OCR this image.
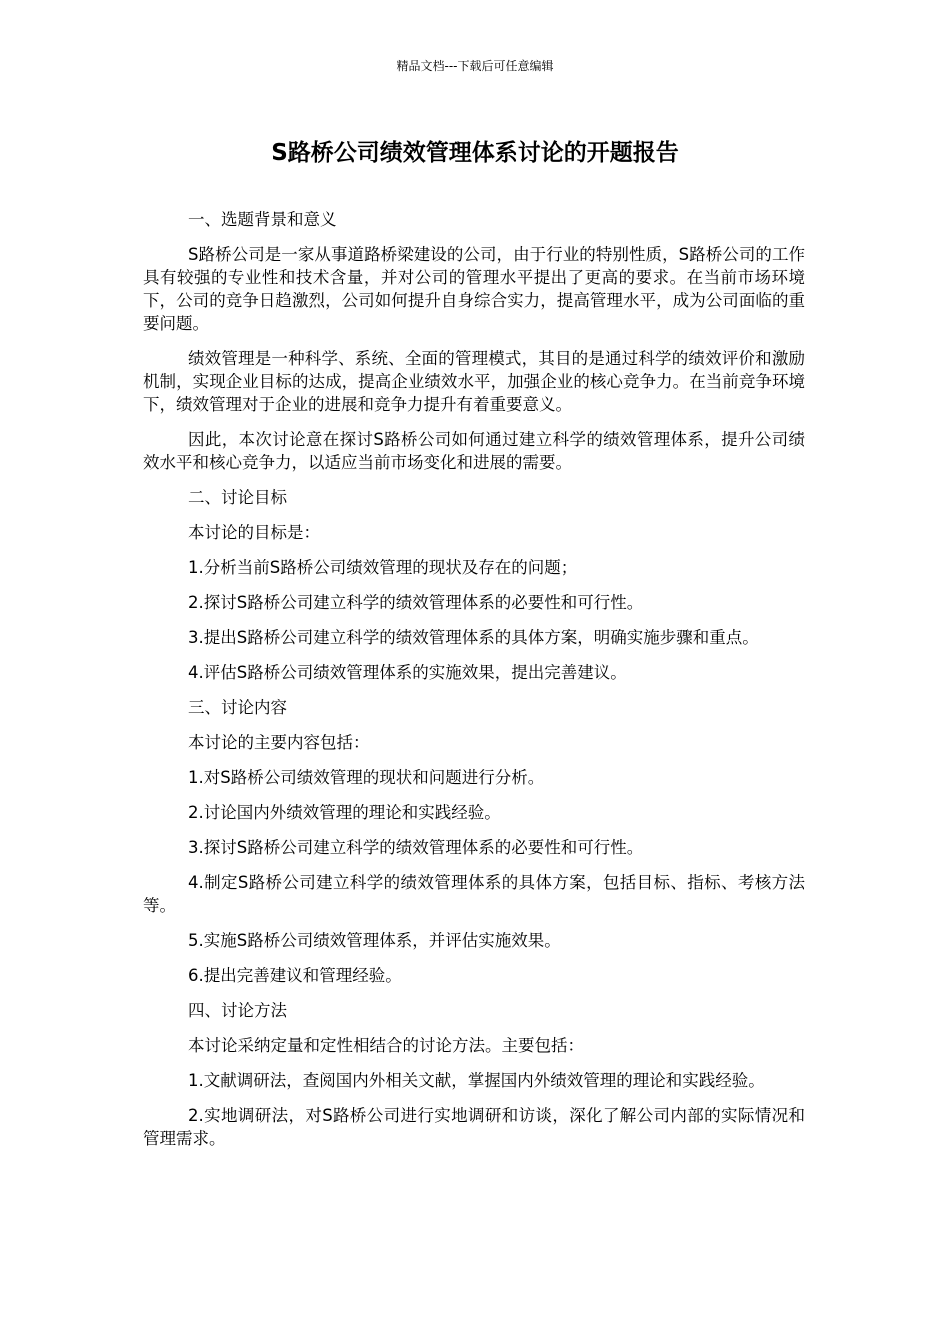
精品文档---下载后可任意编辑
S路桥公司绩效管理体系讨论的开题报告

一、选题背景和意义

S路桥公司是一家从事道路桥梁建设的公司，由于行业的特别性质，S路桥公司的工作具有较强的专业性和技术含量，并对公司的管理水平提出了更高的要求。在当前市场环境下，公司的竞争日趋激烈，公司如何提升自身综合实力，提高管理水平，成为公司面临的重要问题。

绩效管理是一种科学、系统、全面的管理模式，其目的是通过科学的绩效评价和激励机制，实现企业目标的达成，提高企业绩效水平，加强企业的核心竞争力。在当前竞争环境下，绩效管理对于企业的进展和竞争力提升有着重要意义。

因此，本次讨论意在探讨S路桥公司如何通过建立科学的绩效管理体系，提升公司绩效水平和核心竞争力，以适应当前市场变化和进展的需要。

二、讨论目标

本讨论的目标是：

1.分析当前S路桥公司绩效管理的现状及存在的问题；

2.探讨S路桥公司建立科学的绩效管理体系的必要性和可行性。

3.提出S路桥公司建立科学的绩效管理体系的具体方案，明确实施步骤和重点。

4.评估S路桥公司绩效管理体系的实施效果，提出完善建议。

三、讨论内容

本讨论的主要内容包括：

1.对S路桥公司绩效管理的现状和问题进行分析。

2.讨论国内外绩效管理的理论和实践经验。

3.探讨S路桥公司建立科学的绩效管理体系的必要性和可行性。

4.制定S路桥公司建立科学的绩效管理体系的具体方案，包括目标、指标、考核方法等。

5.实施S路桥公司绩效管理体系，并评估实施效果。

6.提出完善建议和管理经验。

四、讨论方法

本讨论采纳定量和定性相结合的讨论方法。主要包括：

1.文献调研法，查阅国内外相关文献，掌握国内外绩效管理的理论和实践经验。

2.实地调研法，对S路桥公司进行实地调研和访谈，深化了解公司内部的实际情况和管理需求。
